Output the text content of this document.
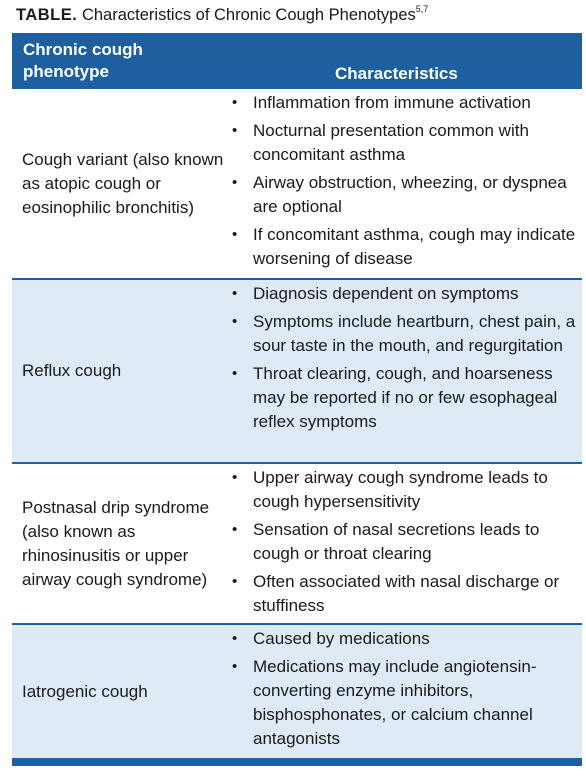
TABLE. Characteristics of Chronic Cough Phenotypes$^{5,7}$
Chronic cough phenotype	Characteristics
Cough variant (also known as atopic cough or eosinophilic bronchitis)
• Inflammation from immune activation
• Nocturnal presentation common with concomitant asthma
• Airway obstruction, wheezing, or dyspnea are optional
• If concomitant asthma, cough may indicate worsening of disease
Reflux cough
• Diagnosis dependent on symptoms
• Symptoms include heartburn, chest pain, a sour taste in the mouth, and regurgitation
• Throat clearing, cough, and hoarseness may be reported if no or few esophageal reflex symptoms
Postnasal drip syndrome (also known as rhinosinusitis or upper airway cough syndrome)
• Upper airway cough syndrome leads to cough hypersensitivity
• Sensation of nasal secretions leads to cough or throat clearing
• Often associated with nasal discharge or stuffiness
Iatrogenic cough
• Caused by medications
• Medications may include angiotensin-converting enzyme inhibitors, bisphosphonates, or calcium channel antagonists
